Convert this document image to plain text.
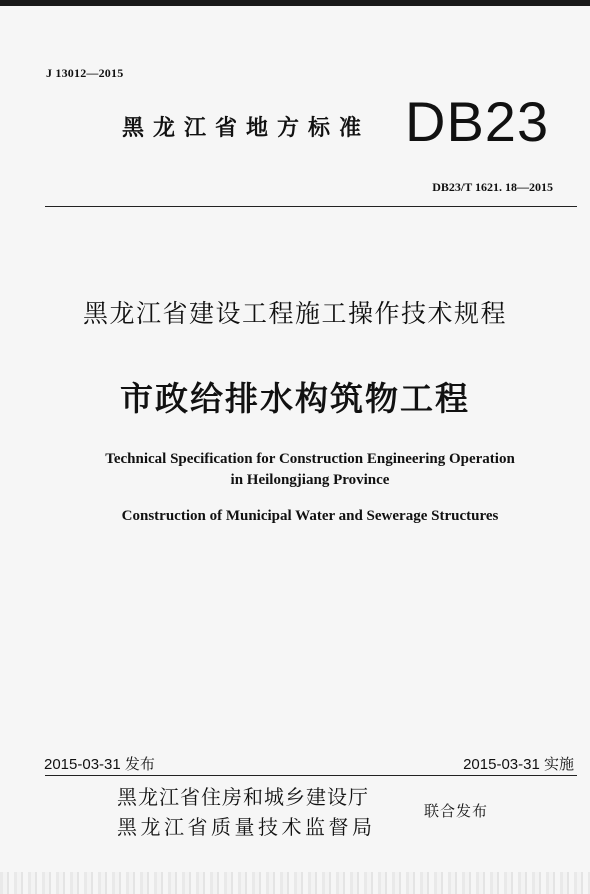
J 13012—2015
黑龙江省地方标准 DB23
DB23/T 1621. 18—2015
黑龙江省建设工程施工操作技术规程
市政给排水构筑物工程
Technical Specification for Construction Engineering Operation
in Heilongjiang Province
Construction of Municipal Water and Sewerage Structures
2015-03-31 发布	2015-03-31 实施
黑龙江省住房和城乡建设厅
黑龙江省质量技术监督局
联合发布
